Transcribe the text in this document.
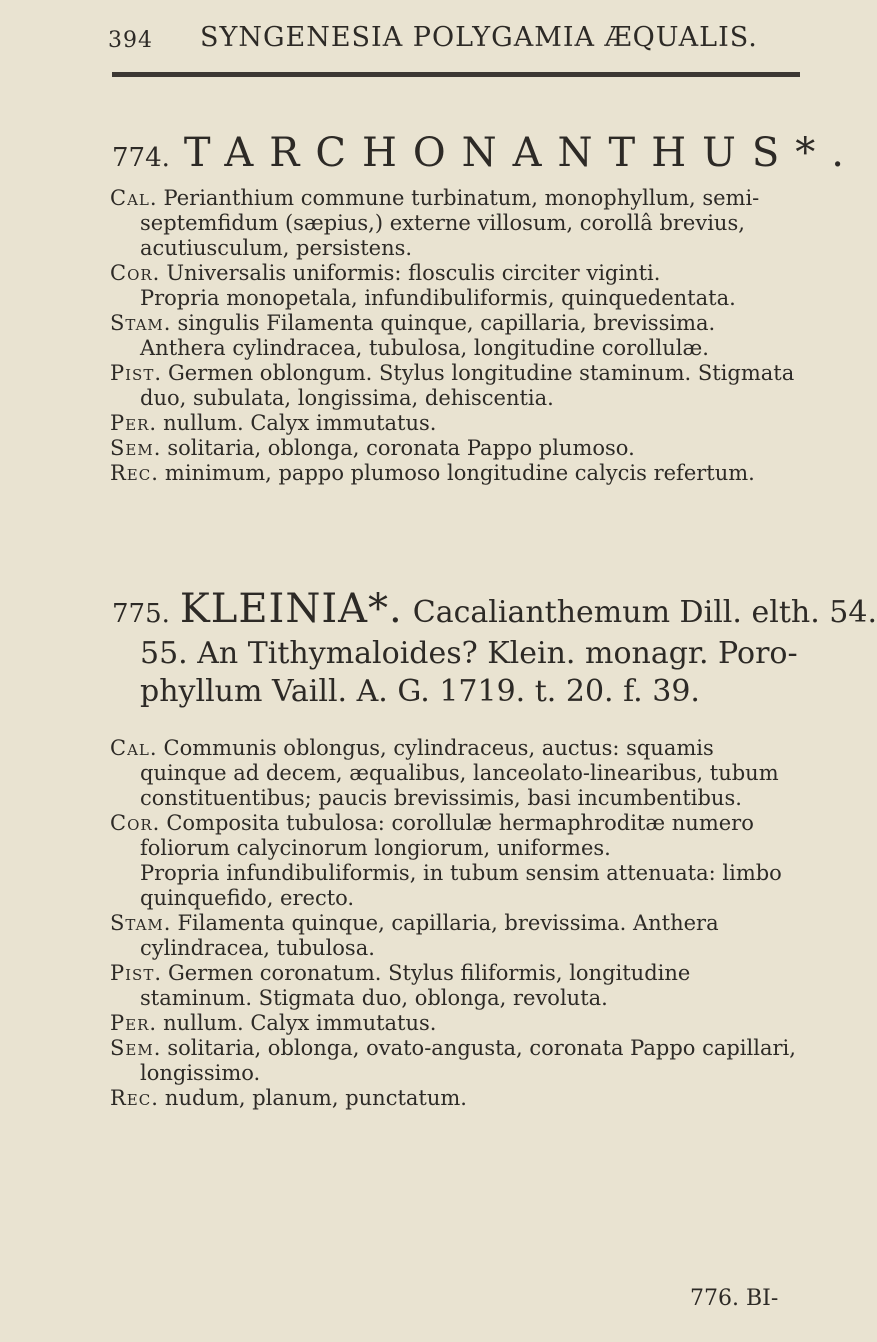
394 SYNGENESIA POLYGAMIA ÆQUALIS.
774. TARCHONANTHUS*.

Cal. Perianthium commune turbinatum, monophyllum, semi-septemfidum (sæpius,) externe villosum, corollâ brevius, acutiusculum, persistens.

Cor. Universalis uniformis: flosculis circiter viginti.

Propria monopetala, infundibuliformis, quinquedentata.

Stam. singulis Filamenta quinque, capillaria, brevissima. Anthera cylindracea, tubulosa, longitudine corollulæ.

Pist. Germen oblongum. Stylus longitudine staminum. Stigmata duo, subulata, longissima, dehiscentia.

Per. nullum. Calyx immutatus.

Sem. solitaria, oblonga, coronata Pappo plumoso.

Rec. minimum, pappo plumoso longitudine calycis refertum.

775. KLEINIA*. Cacalianthemum Dill. elth. 54.
55. An Tithymaloides? Klein. monagr. Poro-
phyllum Vaill. A. G. 1719. t. 20. f. 39.

Cal. Communis oblongus, cylindraceus, auctus: squamis quinque ad decem, æqualibus, lanceolato-linearibus, tubum constituentibus; paucis brevissimis, basi incumbentibus.

Cor. Composita tubulosa: corollulæ hermaphroditæ numero foliorum calycinorum longiorum, uniformes.

Propria infundibuliformis, in tubum sensim attenuata: limbo quinquefido, erecto.

Stam. Filamenta quinque, capillaria, brevissima. Anthera cylindracea, tubulosa.

Pist. Germen coronatum. Stylus filiformis, longitudine staminum. Stigmata duo, oblonga, revoluta.

Per. nullum. Calyx immutatus.

Sem. solitaria, oblonga, ovato-angusta, coronata Pappo capillari, longissimo.

Rec. nudum, planum, punctatum.

776. BI-
